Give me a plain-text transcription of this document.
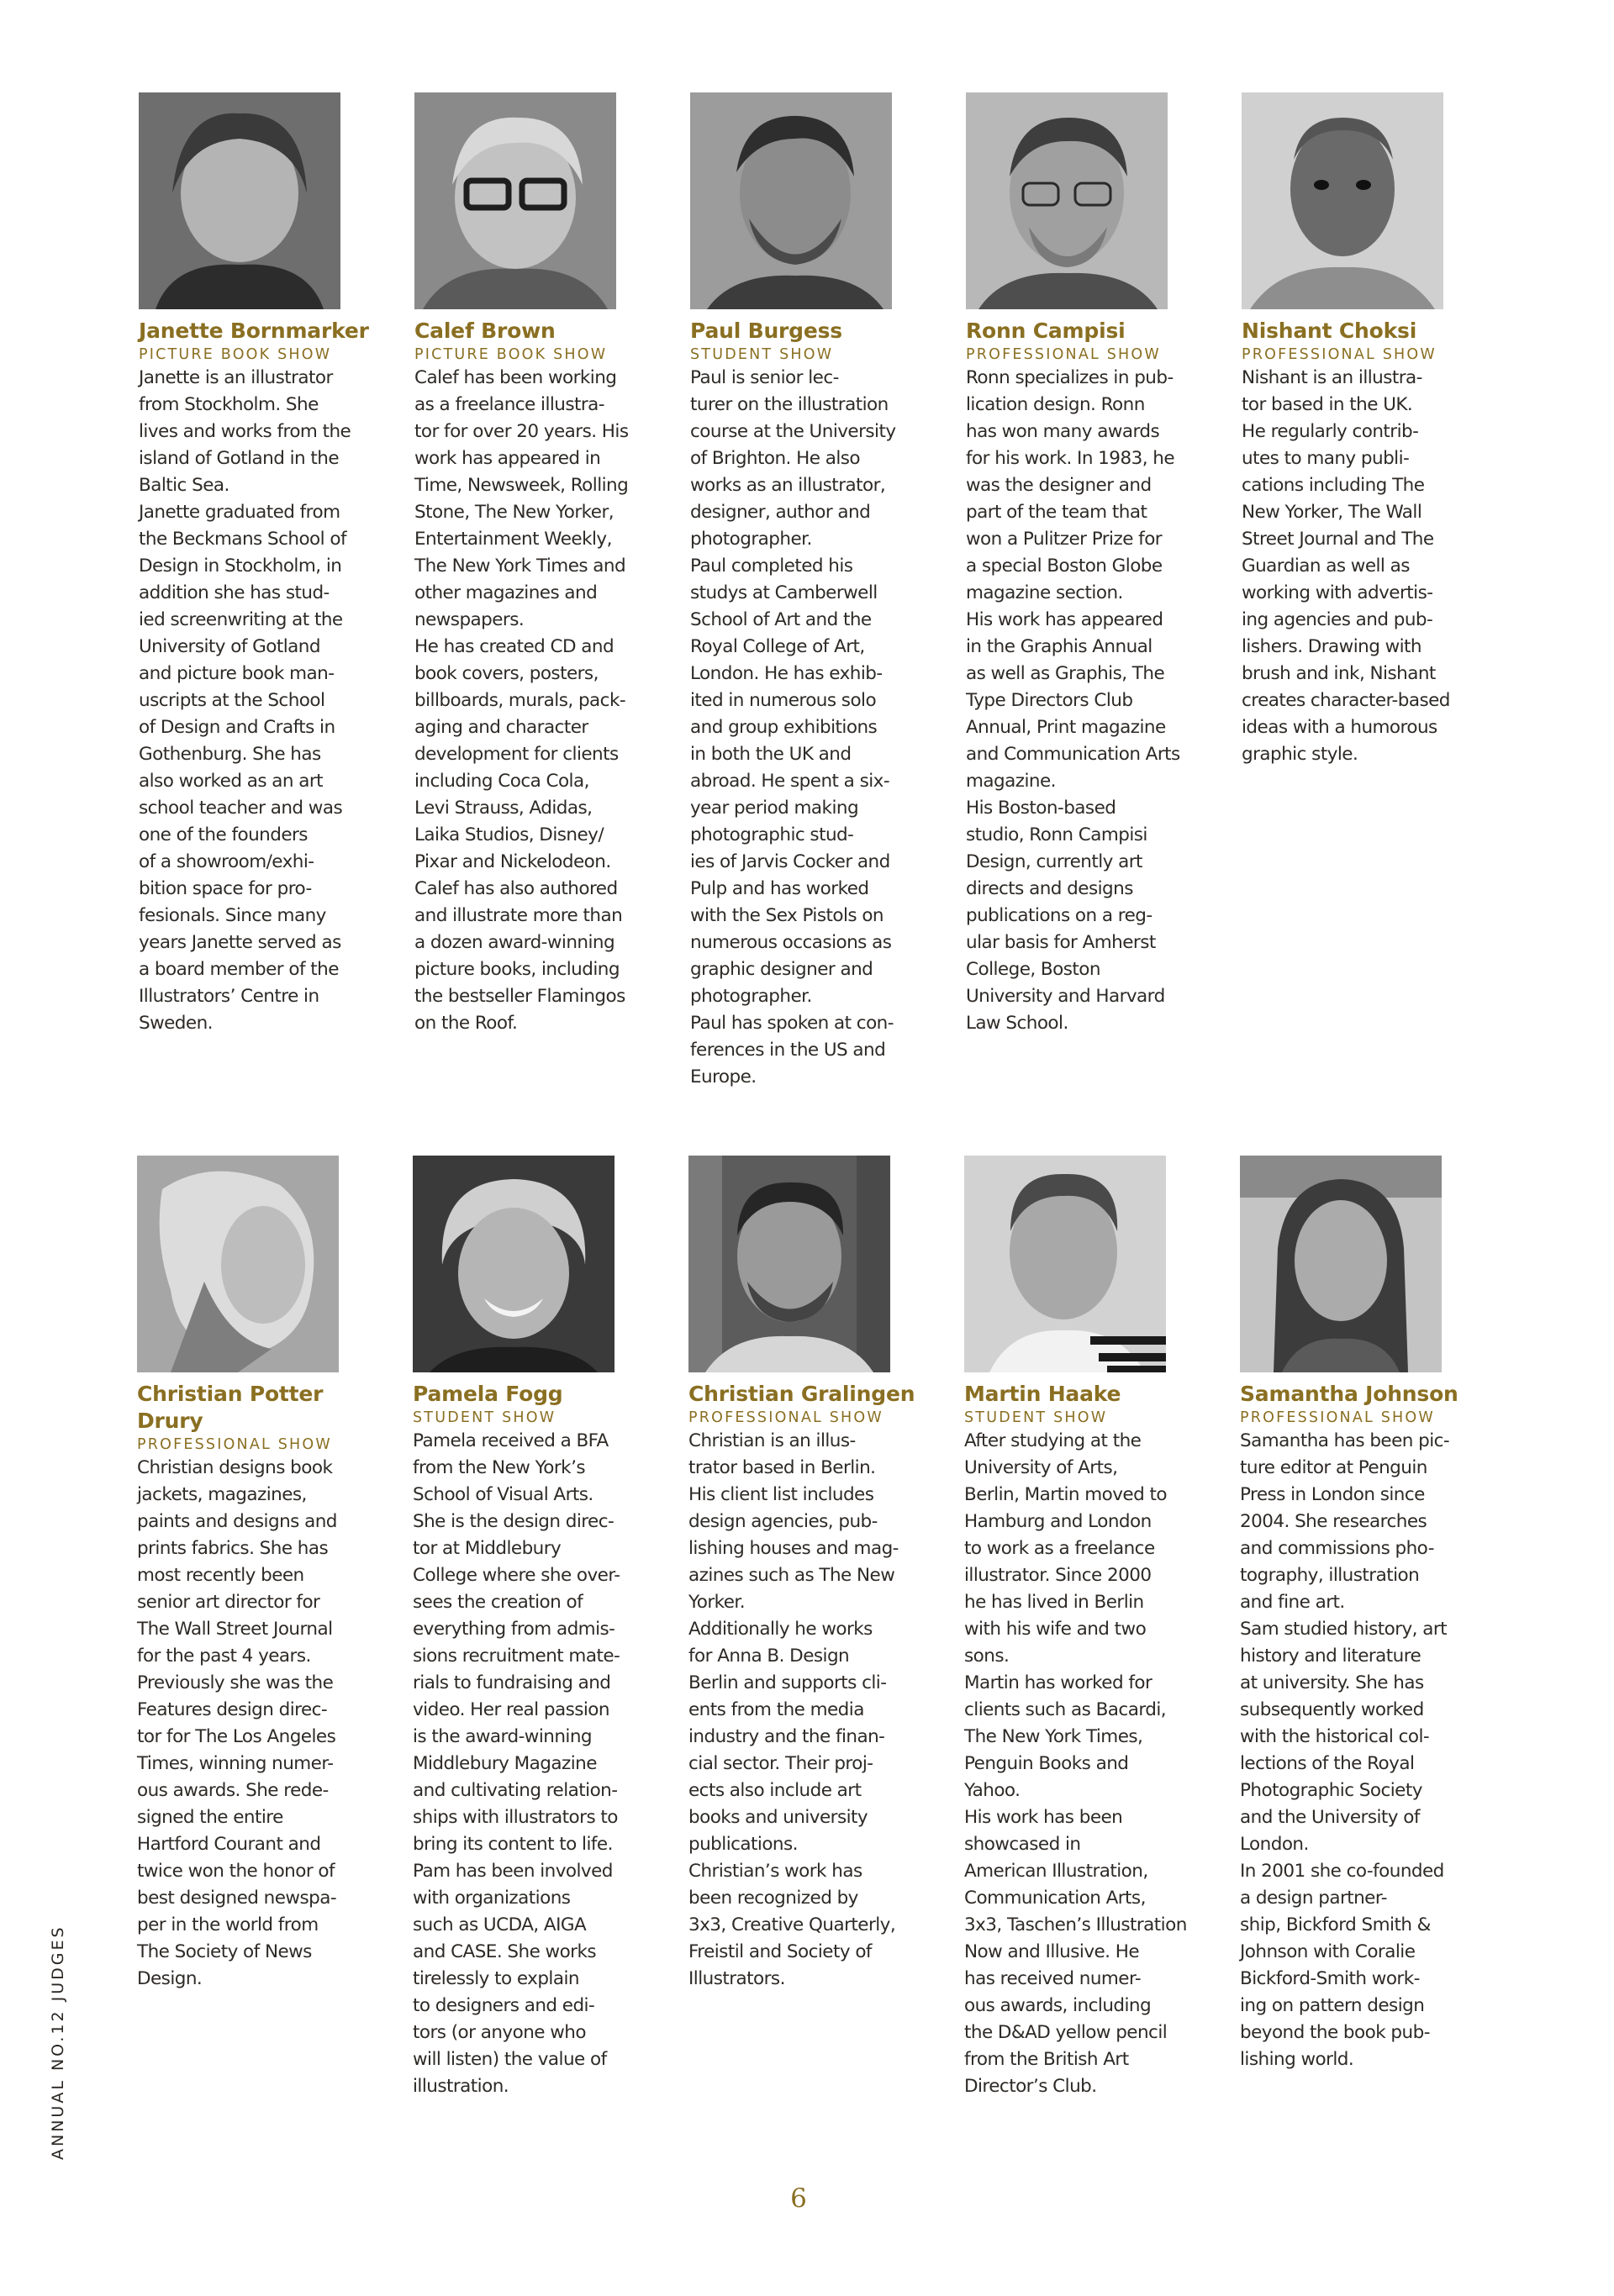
Janette Bornmarker
PICTURE BOOK SHOW

Janette is an illustrator
from Stockholm. She
lives and works from the
island of Gotland in the
Baltic Sea.
Janette graduated from
the Beckmans School of
Design in Stockholm, in
addition she has stud-
ied screenwriting at the
University of Gotland
and picture book man-
uscripts at the School
of Design and Crafts in
Gothenburg. She has
also worked as an art
school teacher and was
one of the founders
of a showroom/exhi-
bition space for pro-
fesionals. Since many
years Janette served as
a board member of the
Illustrators’ Centre in
Sweden.

Calef Brown
PICTURE BOOK SHOW

Calef has been working
as a freelance illustra-
tor for over 20 years. His
work has appeared in
Time, Newsweek, Rolling
Stone, The New Yorker,
Entertainment Weekly,
The New York Times and
other magazines and
newspapers.
He has created CD and
book covers, posters,
billboards, murals, pack-
aging and character
development for clients
including Coca Cola,
Levi Strauss, Adidas,
Laika Studios, Disney/
Pixar and Nickelodeon.
Calef has also authored
and illustrate more than
a dozen award-winning
picture books, including
the bestseller Flamingos
on the Roof.

Paul Burgess
STUDENT SHOW

Paul is senior lec-
turer on the illustration
course at the University
of Brighton. He also
works as an illustrator,
designer, author and
photographer.
Paul completed his
studys at Camberwell
School of Art and the
Royal College of Art,
London. He has exhib-
ited in numerous solo
and group exhibitions
in both the UK and
abroad. He spent a six-
year period making
photographic stud-
ies of Jarvis Cocker and
Pulp and has worked
with the Sex Pistols on
numerous occasions as
graphic designer and
photographer.
Paul has spoken at con-
ferences in the US and
Europe.

Ronn Campisi
PROFESSIONAL SHOW

Ronn specializes in pub-
lication design. Ronn
has won many awards
for his work. In 1983, he
was the designer and
part of the team that
won a Pulitzer Prize for
a special Boston Globe
magazine section.
His work has appeared
in the Graphis Annual
as well as Graphis, The
Type Directors Club
Annual, Print magazine
and Communication Arts
magazine.
His Boston-based
studio, Ronn Campisi
Design, currently art
directs and designs
publications on a reg-
ular basis for Amherst
College, Boston
University and Harvard
Law School.

Nishant Choksi
PROFESSIONAL SHOW

Nishant is an illustra-
tor based in the UK.
He regularly contrib-
utes to many publi-
cations including The
New Yorker, The Wall
Street Journal and The
Guardian as well as
working with advertis-
ing agencies and pub-
lishers. Drawing with
brush and ink, Nishant
creates character-based
ideas with a humorous
graphic style.

Christian Potter
Drury
PROFESSIONAL SHOW

Christian designs book
jackets, magazines,
paints and designs and
prints fabrics. She has
most recently been
senior art director for
The Wall Street Journal
for the past 4 years.
Previously she was the
Features design direc-
tor for The Los Angeles
Times, winning numer-
ous awards. She rede-
signed the entire
Hartford Courant and
twice won the honor of
best designed newspa-
per in the world from
The Society of News
Design.

Pamela Fogg
STUDENT SHOW

Pamela received a BFA
from the New York’s
School of Visual Arts.
She is the design direc-
tor at Middlebury
College where she over-
sees the creation of
everything from admis-
sions recruitment mate-
rials to fundraising and
video. Her real passion
is the award-winning
Middlebury Magazine
and cultivating relation-
ships with illustrators to
bring its content to life.
Pam has been involved
with organizations
such as UCDA, AIGA
and CASE. She works
tirelessly to explain
to designers and edi-
tors (or anyone who
will listen) the value of
illustration.

Christian Gralingen
PROFESSIONAL SHOW

Christian is an illus-
trator based in Berlin.
His client list includes
design agencies, pub-
lishing houses and mag-
azines such as The New
Yorker.
Additionally he works
for Anna B. Design
Berlin and supports cli-
ents from the media
industry and the finan-
cial sector. Their proj-
ects also include art
books and university
publications.
Christian’s work has
been recognized by
3x3, Creative Quarterly,
Freistil and Society of
Illustrators.

Martin Haake
STUDENT SHOW

After studying at the
University of Arts,
Berlin, Martin moved to
Hamburg and London
to work as a freelance
illustrator. Since 2000
he has lived in Berlin
with his wife and two
sons.
Martin has worked for
clients such as Bacardi,
The New York Times,
Penguin Books and
Yahoo.
His work has been
showcased in
American Illustration,
Communication Arts,
3x3, Taschen’s Illustration
Now and Illusive. He
has received numer-
ous awards, including
the D&AD yellow pencil
from the British Art
Director’s Club.

Samantha Johnson
PROFESSIONAL SHOW

Samantha has been pic-
ture editor at Penguin
Press in London since
2004. She researches
and commissions pho-
tography, illustration
and fine art.
Sam studied history, art
history and literature
at university. She has
subsequently worked
with the historical col-
lections of the Royal
Photographic Society
and the University of
London.
In 2001 she co-founded
a design partner-
ship, Bickford Smith &
Johnson with Coralie
Bickford-Smith work-
ing on pattern design
beyond the book pub-
lishing world.

ANNUAL NO.12 JUDGES
6
